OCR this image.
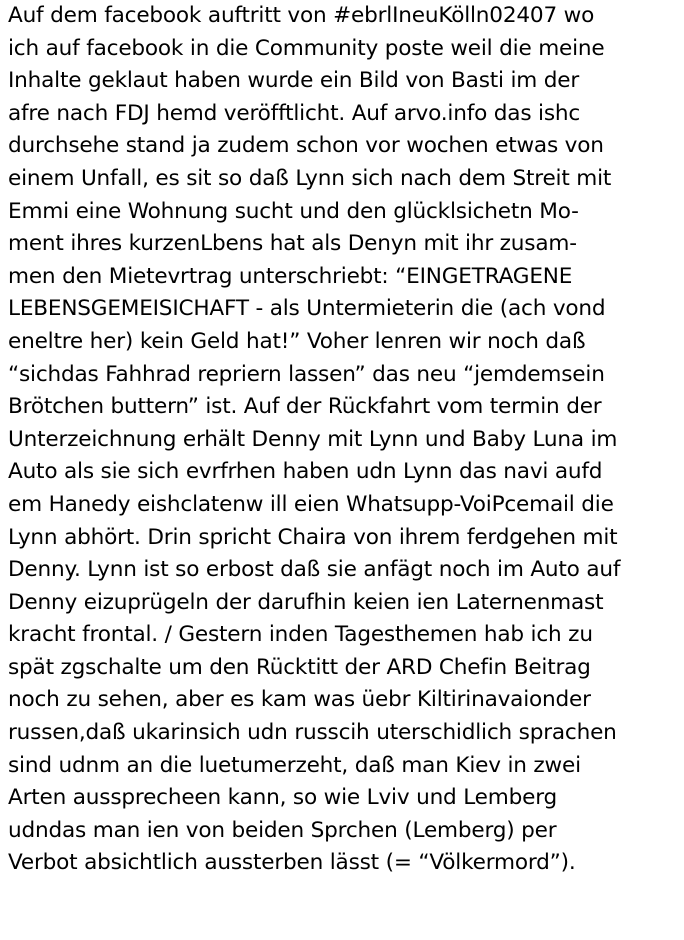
Auf dem facebook auftritt von #ebrlIneuKölln02407 wo
ich auf facebook in die Community poste weil die meine
Inhalte geklaut haben wurde ein Bild von Basti im der
afre nach FDJ hemd veröfftlicht. Auf arvo.info das ishc
durchsehe stand ja zudem schon vor wochen etwas von
einem Unfall, es sit so daß Lynn sich nach dem Streit mit
Emmi eine Wohnung sucht und den glücklsichetn Mo-
ment ihres kurzenLbens hat als Denyn mit ihr zusam-
men den Mietevrtrag unterschriebt: “EINGETRAGENE
LEBENSGEMEISICHAFT - als Untermieterin die (ach vond
eneltre her) kein Geld hat!” Voher lenren wir noch daß
“sichdas Fahhrad repriern lassen” das neu “jemdemsein
Brötchen buttern” ist. Auf der Rückfahrt vom termin der
Unterzeichnung erhält Denny mit Lynn und Baby Luna im
Auto als sie sich evrfrhen haben udn Lynn das navi aufd
em Hanedy eishclatenw ill eien Whatsupp-VoiPcemail die
Lynn abhört. Drin spricht Chaira von ihrem ferdgehen mit
Denny. Lynn ist so erbost daß sie anfägt noch im Auto auf
Denny eizuprügeln der darufhin keien ien Laternenmast
kracht frontal. / Gestern inden Tagesthemen hab ich zu
spät zgschalte um den Rücktitt der ARD Chefin Beitrag
noch zu sehen, aber es kam was üebr Kiltirinavaionder
russen,daß ukarinsich udn russcih uterschidlich sprachen
sind udnm an die luetumerzeht, daß man Kiev in zwei
Arten aussprecheen kann, so wie Lviv und Lemberg
udndas man ien von beiden Sprchen (Lemberg) per
Verbot absichtlich aussterben lässt (= “Völkermord”).
